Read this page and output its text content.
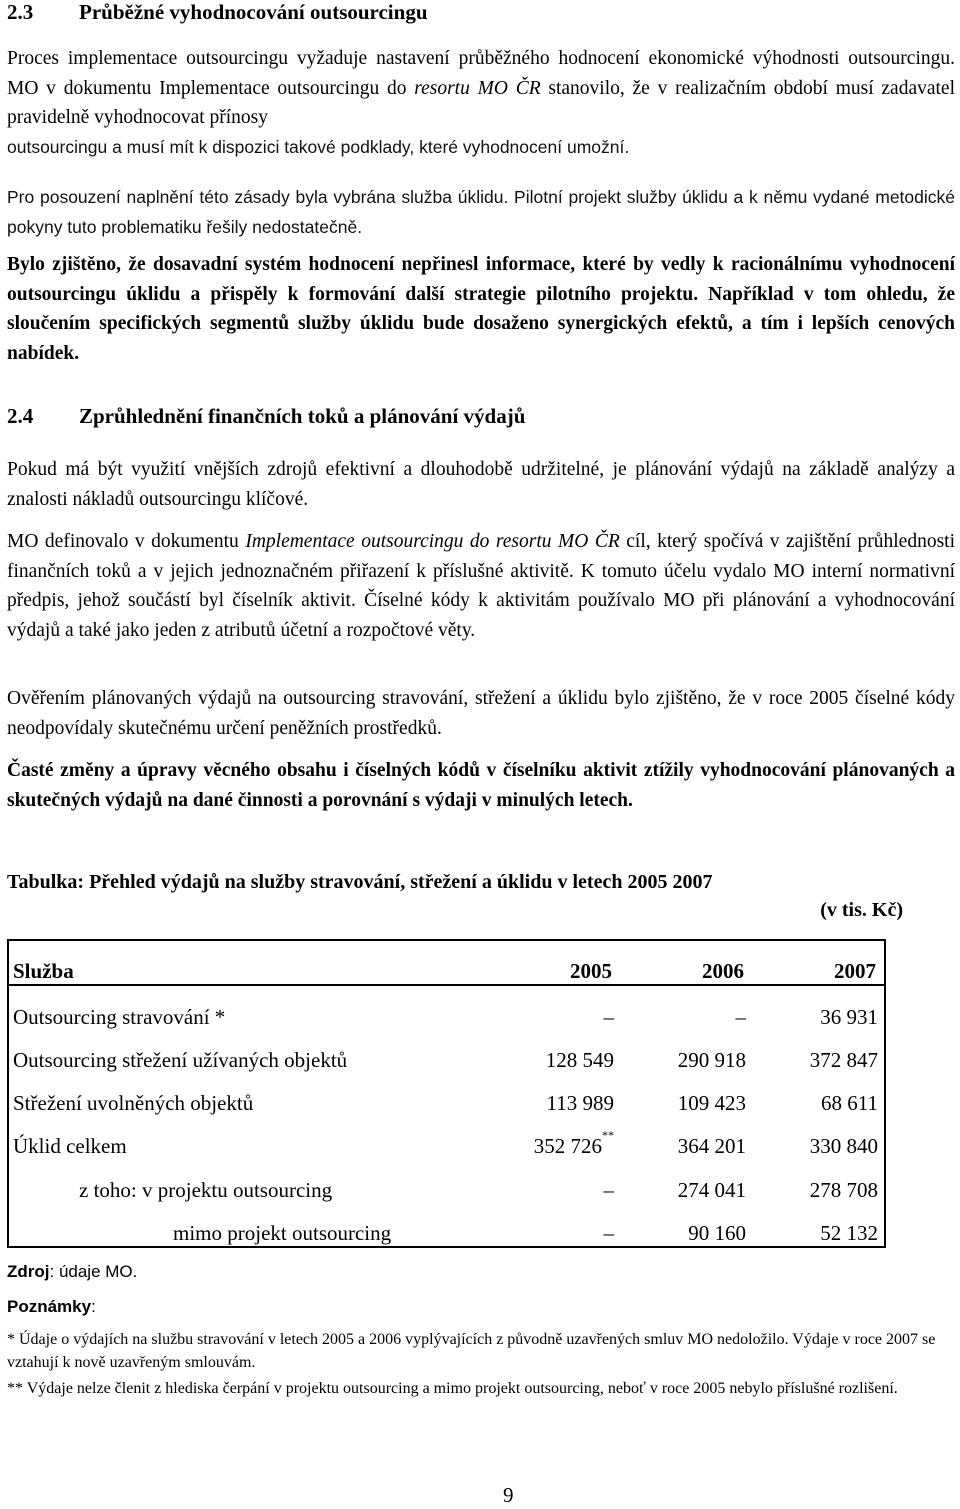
2.3 Průběžné vyhodnocování outsourcingu
Proces implementace outsourcingu vyžaduje nastavení průběžného hodnocení ekonomické výhodnosti outsourcingu. MO v dokumentu Implementace outsourcingu do resortu MO ČR stanovilo, že v realizačním období musí zadavatel pravidelně vyhodnocovat přínosy
outsourcingu a musí mít k dispozici takové podklady, které vyhodnocení umožní.
Pro posouzení naplnění této zásady byla vybrána služba úklidu. Pilotní projekt služby úklidu a k němu vydané metodické pokyny tuto problematiku řešily nedostatečně.
Bylo zjištěno, že dosavadní systém hodnocení nepřinesl informace, které by vedly k racionálnímu vyhodnocení outsourcingu úklidu a přispěly k formování další strategie pilotního projektu. Například v tom ohledu, že sloučením specifických segmentů služby úklidu bude dosaženo synergických efektů, a tím i lepších cenových nabídek.
2.4 Zprůhlednění finančních toků a plánování výdajů
Pokud má být využití vnějších zdrojů efektivní a dlouhodobě udržitelné, je plánování výdajů na základě analýzy a znalosti nákladů outsourcingu klíčové.
MO definovalo v dokumentu Implementace outsourcingu do resortu MO ČR cíl, který spočívá v zajištění průhlednosti finančních toků a v jejich jednoznačném přiřazení k příslušné aktivitě. K tomuto účelu vydalo MO interní normativní předpis, jehož součástí byl číselník aktivit. Číselné kódy k aktivitám používalo MO při plánování a vyhodnocování výdajů a také jako jeden z atributů účetní a rozpočtové věty.
Ověřením plánovaných výdajů na outsourcing stravování, střežení a úklidu bylo zjištěno, že v roce 2005 číselné kódy neodpovídaly skutečnému určení peněžních prostředků.
Časté změny a úpravy věcného obsahu i číselných kódů v číselníku aktivit ztížily vyhodnocování plánovaných a skutečných výdajů na dané činnosti a porovnání s výdaji v minulých letech.
Tabulka: Přehled výdajů na služby stravování, střežení a úklidu v letech 2005 2007
(v tis. Kč)
Služba	2005	2006	2007
Outsourcing stravování *	–	–	36 931
Outsourcing střežení užívaných objektů	128 549	290 918	372 847
Střežení uvolněných objektů	113 989	109 423	68 611
Úklid celkem	352 726**	364 201	330 840
z toho: v projektu outsourcing	–	274 041	278 708
mimo projekt outsourcing	–	90 160	52 132
Zdroj: údaje MO.
Poznámky:
* Údaje o výdajích na službu stravování v letech 2005 a 2006 vyplývajících z původně uzavřených smluv MO nedoložilo. Výdaje v roce 2007 se vztahují k nově uzavřeným smlouvám.
** Výdaje nelze členit z hlediska čerpání v projektu outsourcing a mimo projekt outsourcing, neboť v roce 2005 nebylo příslušné rozlišení.
9
